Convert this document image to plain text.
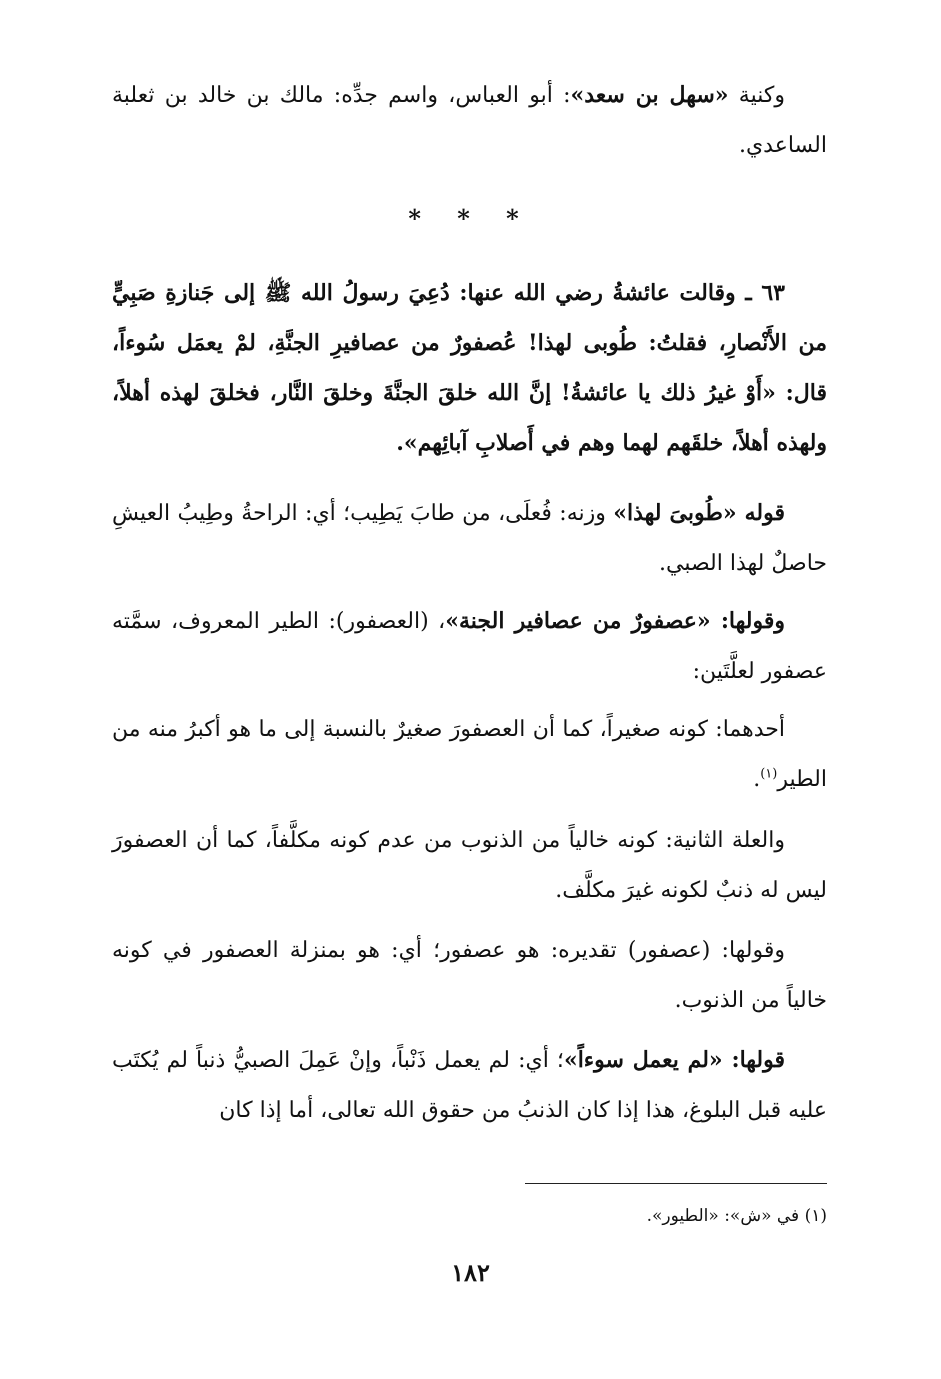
وكنية «سهل بن سعد»: أبو العباس، واسم جدِّه: مالك بن خالد بن ثعلبة الساعدي.

* * *

٦٣ ـ وقالت عائشةُ رضي الله عنها: دُعِيَ رسولُ الله ﷺ إلى جَنازةِ صَبِيٍّ من الأَنْصارِ، فقلتُ: طُوبى لهذا! عُصفورٌ من عصافيرِ الجنَّةِ، لمْ يعمَل سُوءاً، قال: «أَوْ غيرُ ذلك يا عائشةُ! إنَّ الله خلقَ الجنَّةَ وخلقَ النَّار، فخلقَ لهذه أهلاً، ولهذه أهلاً، خلقَهم لهما وهم في أَصلابِ آبائِهم».

قوله «طُوبىَ لهذا» وزنه: فُعلَى، من طابَ يَطِيب؛ أي: الراحةُ وطِيبُ العيشِ حاصلٌ لهذا الصبي.

وقولها: «عصفورٌ من عصافير الجنة»، (العصفور): الطير المعروف، سمَّته عصفور لعلَّتَين:

أحدهما: كونه صغيراً، كما أن العصفورَ صغيرٌ بالنسبة إلى ما هو أكبرُ منه من الطير$^{(١)}$.

والعلة الثانية: كونه خالياً من الذنوب من عدم كونه مكلَّفاً، كما أن العصفورَ ليس له ذنبٌ لكونه غيرَ مكلَّف.

وقولها: (عصفور) تقديره: هو عصفور؛ أي: هو بمنزلة العصفور في كونه خالياً من الذنوب.

قولها: «لم يعمل سوءاً»؛ أي: لم يعمل ذَنْباً، وإنْ عَمِلَ الصبيُّ ذنباً لم يُكتَب عليه قبل البلوغ، هذا إذا كان الذنبُ من حقوق الله تعالى، أما إذا كان

(١) في «ش»: «الطيور».
١٨٢
